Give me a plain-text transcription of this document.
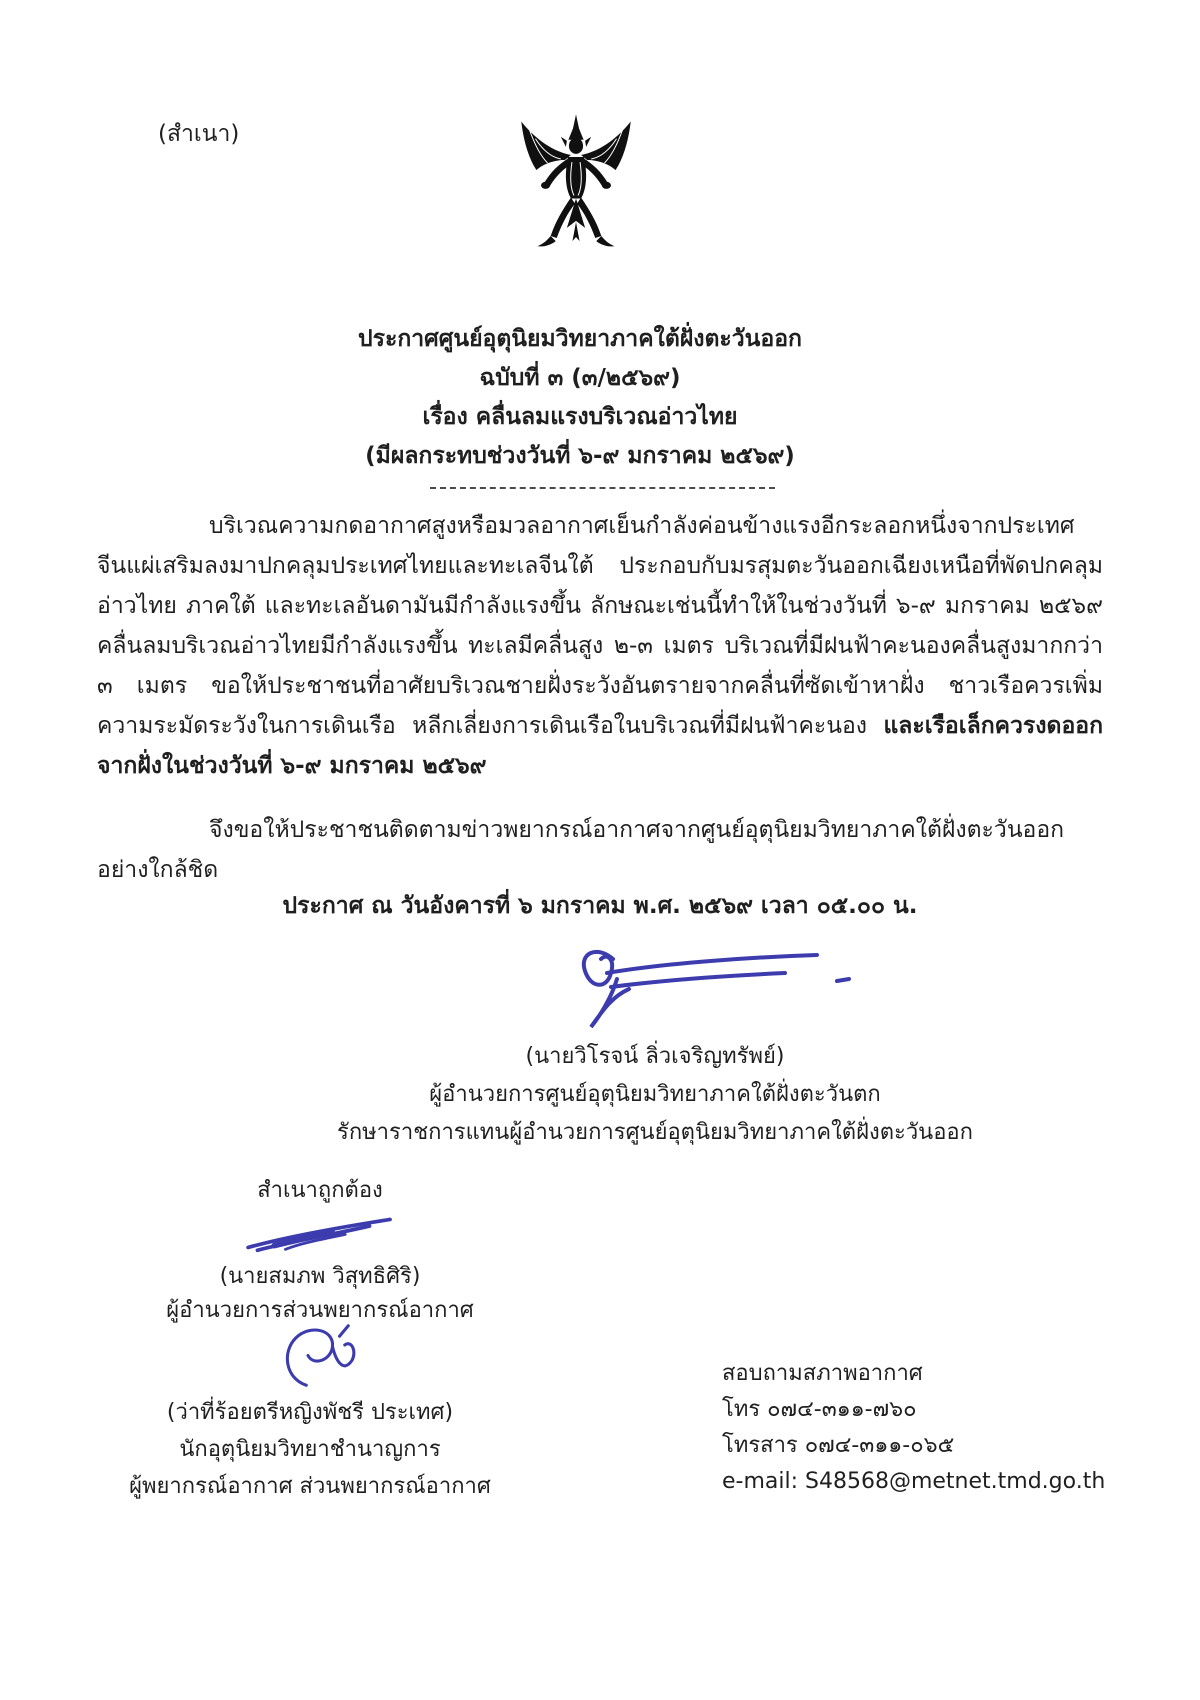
(สำเนา)
ประกาศศูนย์อุตุนิยมวิทยาภาคใต้ฝั่งตะวันออก
ฉบับที่ ๓ (๓/๒๕๖๙)
เรื่อง คลื่นลมแรงบริเวณอ่าวไทย
(มีผลกระทบช่วงวันที่ ๖-๙ มกราคม ๒๕๖๙)

บริเวณความกดอากาศสูงหรือมวลอากาศเย็นกำลังค่อนข้างแรงอีกระลอกหนึ่งจากประเทศจีนแผ่เสริมลงมาปกคลุมประเทศไทยและทะเลจีนใต้ ประกอบกับมรสุมตะวันออกเฉียงเหนือที่พัดปกคลุมอ่าวไทย ภาคใต้ และทะเลอันดามันมีกำลังแรงขึ้น ลักษณะเช่นนี้ทำให้ในช่วงวันที่ ๖-๙ มกราคม ๒๕๖๙ คลื่นลมบริเวณอ่าวไทยมีกำลังแรงขึ้น ทะเลมีคลื่นสูง ๒-๓ เมตร บริเวณที่มีฝนฟ้าคะนองคลื่นสูงมากกว่า ๓ เมตร ขอให้ประชาชนที่อาศัยบริเวณชายฝั่งระวังอันตรายจากคลื่นที่ซัดเข้าหาฝั่ง ชาวเรือควรเพิ่มความระมัดระวังในการเดินเรือ หลีกเลี่ยงการเดินเรือในบริเวณที่มีฝนฟ้าคะนอง และเรือเล็กควรงดออกจากฝั่งในช่วงวันที่ ๖-๙ มกราคม ๒๕๖๙

จึงขอให้ประชาชนติดตามข่าวพยากรณ์อากาศจากศูนย์อุตุนิยมวิทยาภาคใต้ฝั่งตะวันออกอย่างใกล้ชิด

ประกาศ ณ วันอังคารที่ ๖ มกราคม พ.ศ. ๒๕๖๙ เวลา ๐๕.๐๐ น.
(นายวิโรจน์ ลิ่วเจริญทรัพย์)
ผู้อำนวยการศูนย์อุตุนิยมวิทยาภาคใต้ฝั่งตะวันตก
รักษาราชการแทนผู้อำนวยการศูนย์อุตุนิยมวิทยาภาคใต้ฝั่งตะวันออก
สำเนาถูกต้อง
(นายสมภพ วิสุทธิศิริ)
ผู้อำนวยการส่วนพยากรณ์อากาศ
(ว่าที่ร้อยตรีหญิงพัชรี ประเทศ)
นักอุตุนิยมวิทยาชำนาญการ
ผู้พยากรณ์อากาศ ส่วนพยากรณ์อากาศ
สอบถามสภาพอากาศ
โทร ๐๗๔-๓๑๑-๗๖๐
โทรสาร ๐๗๔-๓๑๑-๐๖๕
e-mail: S48568@metnet.tmd.go.th
